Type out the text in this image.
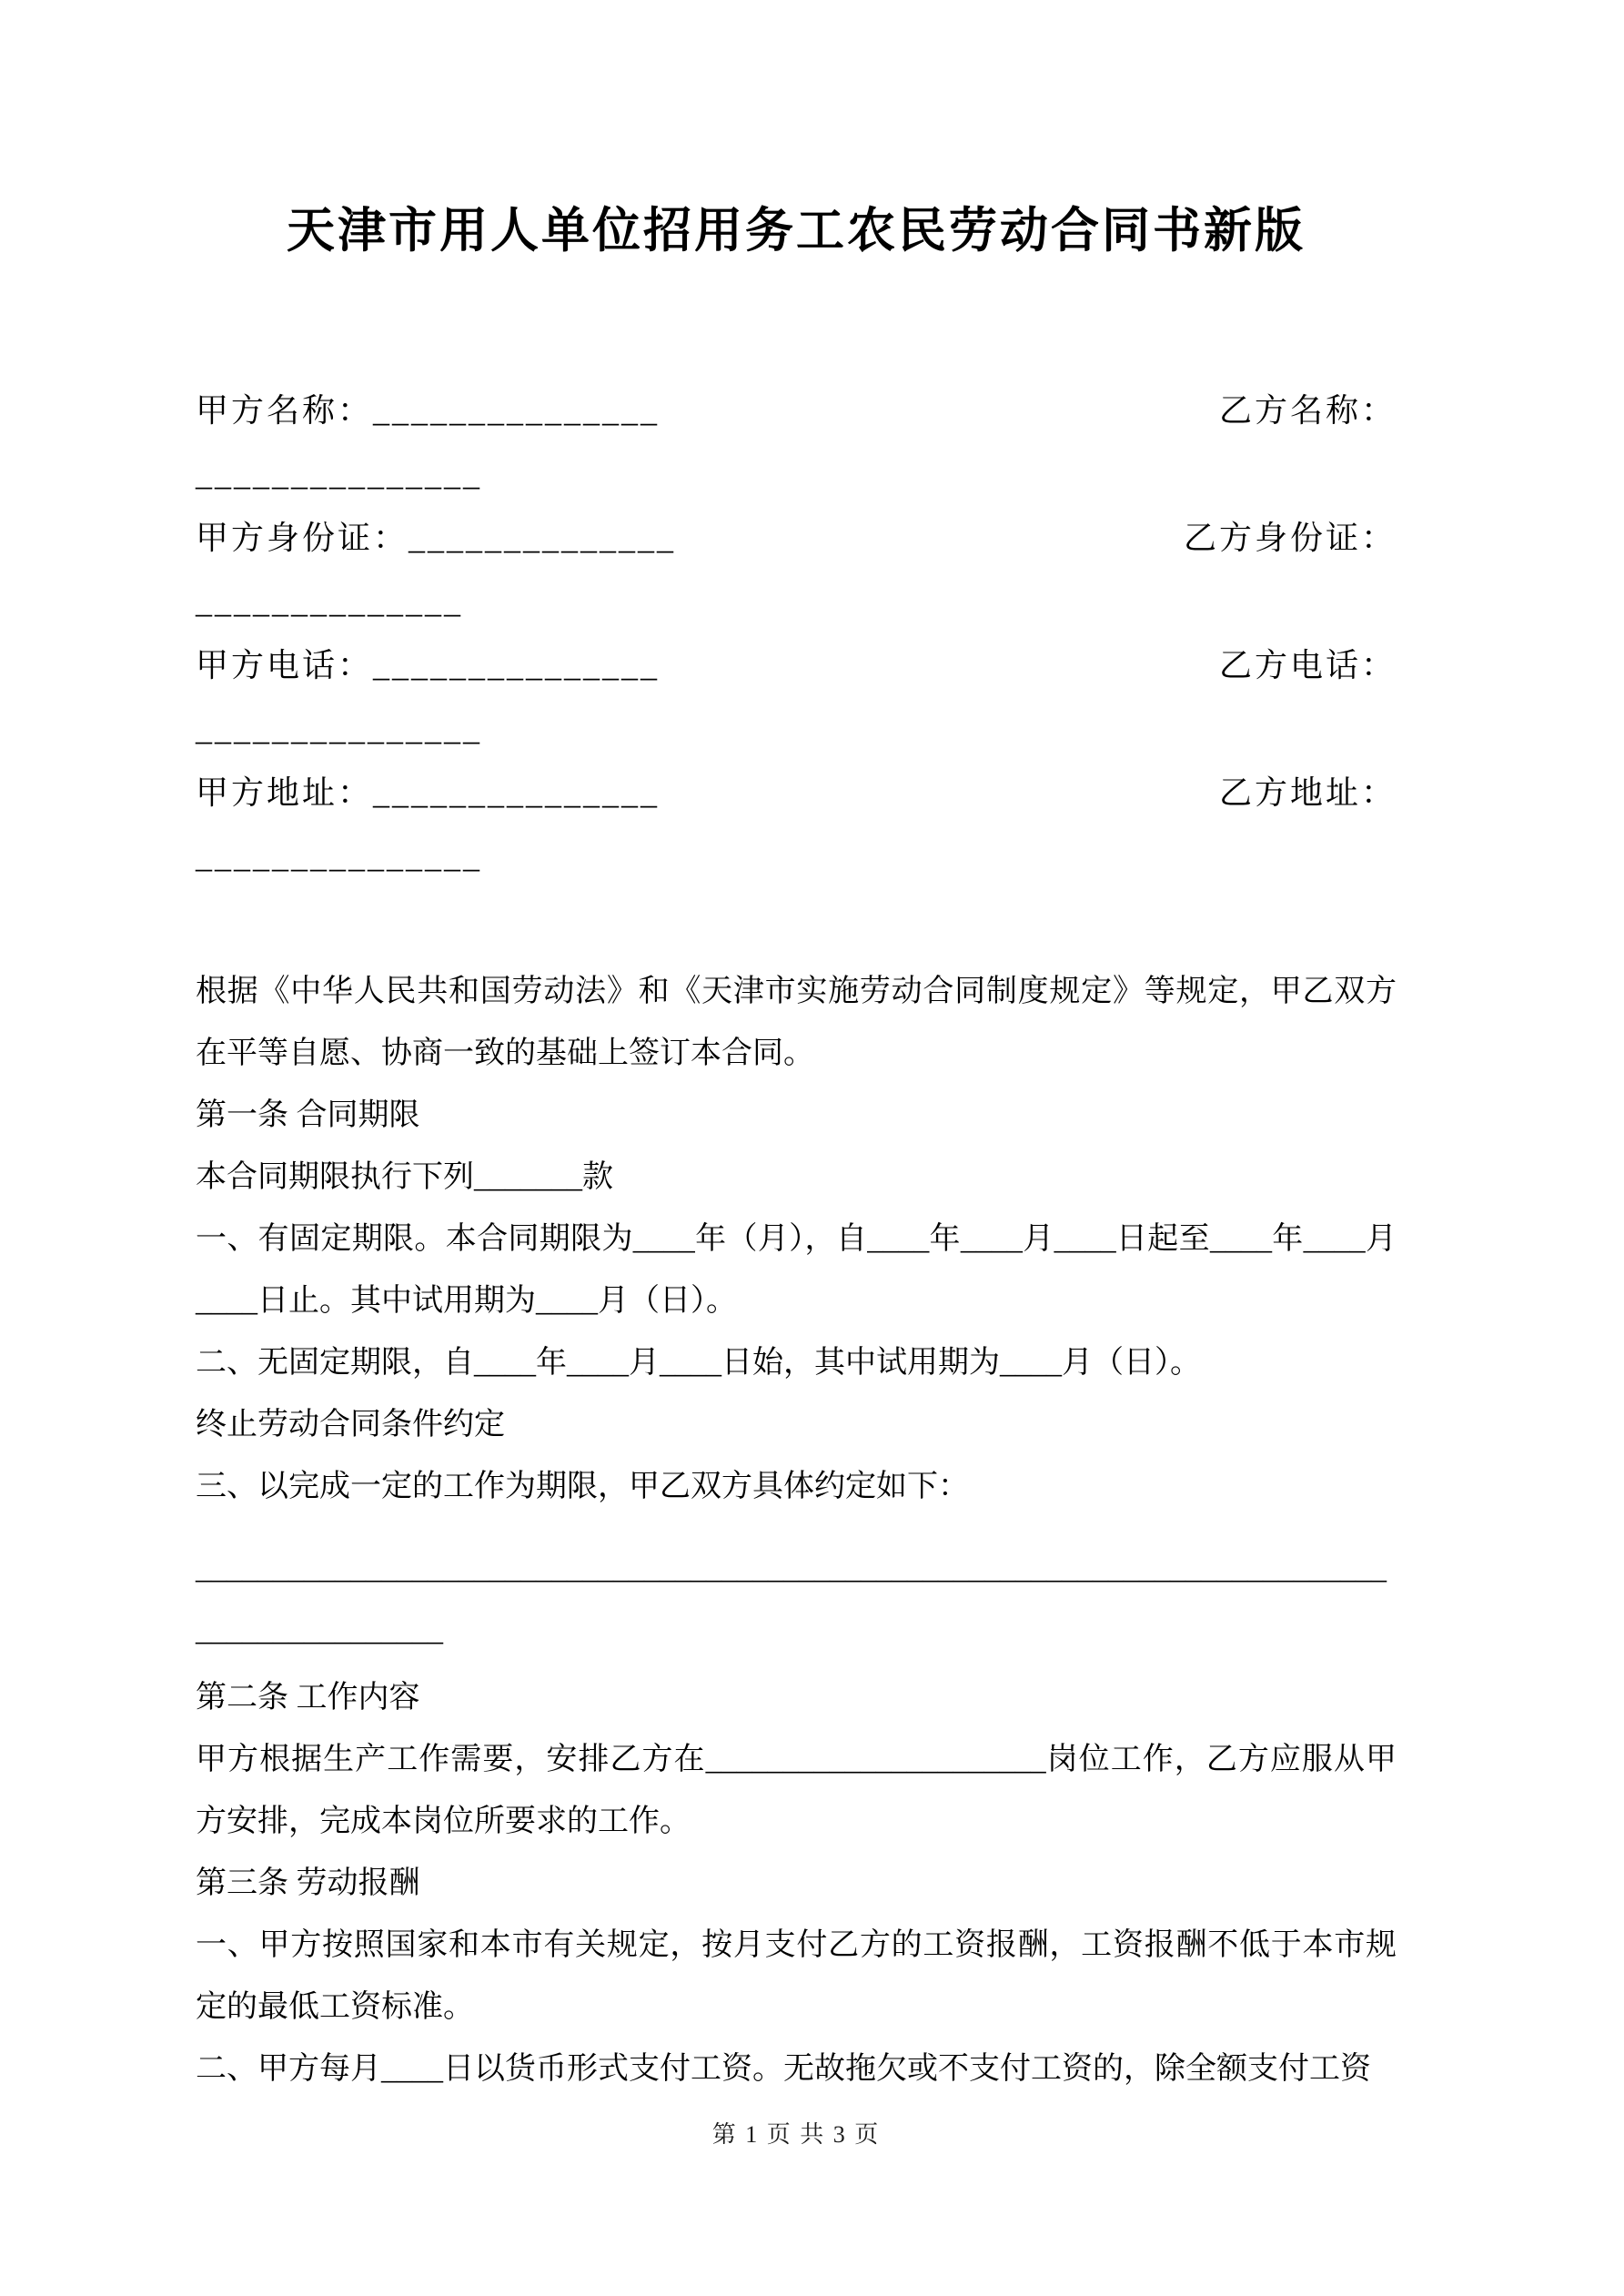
天津市用人单位招用务工农民劳动合同书新版
甲方名称：_______________	乙方名称：
_______________
甲方身份证：______________	乙方身份证：
______________
甲方电话：_______________	乙方电话：
_______________
甲方地址：_______________	乙方地址：
_______________

根据《中华人民共和国劳动法》和《天津市实施劳动合同制度规定》等规定，甲乙双方在平等自愿、协商一致的基础上签订本合同。

第一条 合同期限

本合同期限执行下列_______款

一、有固定期限。本合同期限为____年（月），自____年____月____日起至____年____月____日止。其中试用期为____月（日）。

二、无固定期限，自____年____月____日始，其中试用期为____月（日）。

终止劳动合同条件约定

三、以完成一定的工作为期限，甲乙双方具体约定如下：

_____________________________________________________________________________________________

第二条 工作内容

甲方根据生产工作需要，安排乙方在______________________岗位工作，乙方应服从甲方安排，完成本岗位所要求的工作。

第三条 劳动报酬

一、甲方按照国家和本市有关规定，按月支付乙方的工资报酬，工资报酬不低于本市规定的最低工资标准。

二、甲方每月____日以货币形式支付工资。无故拖欠或不支付工资的，除全额支付工资

第 1 页 共 3 页
